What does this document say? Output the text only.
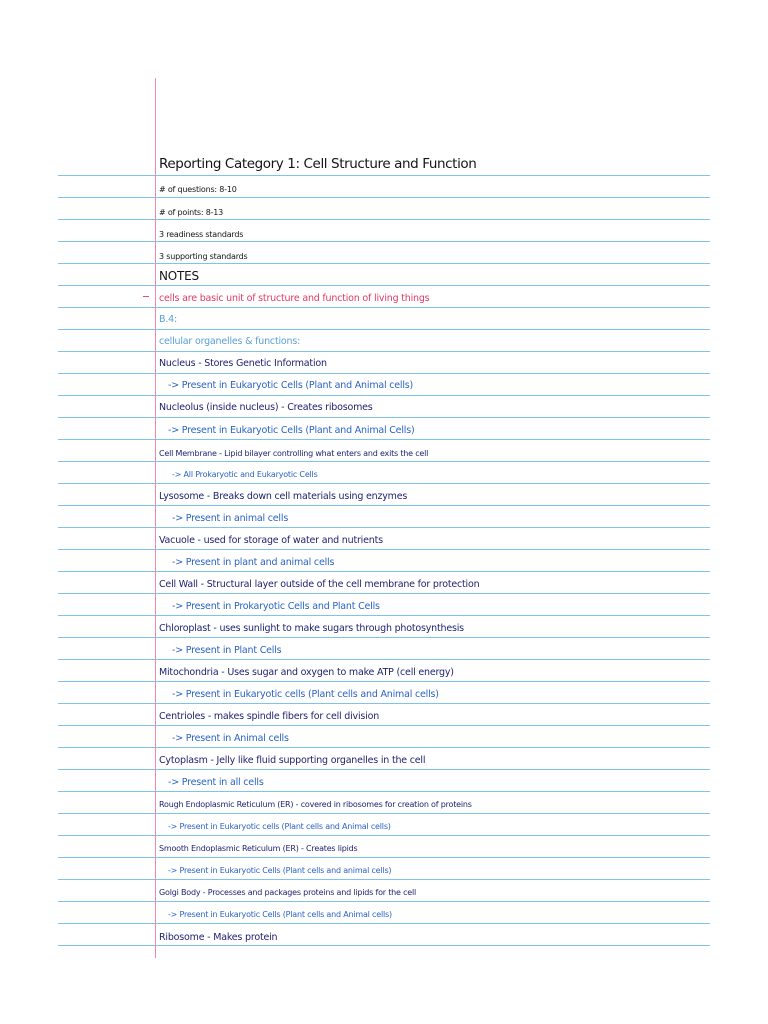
Reporting Category 1: Cell Structure and Function
# of questions: 8-10
# of points: 8-13
3 readiness standards
3 supporting standards
NOTES
cells are basic unit of structure and function of living things
B.4:
cellular organelles & functions:
Nucleus - Stores Genetic Information
-> Present in Eukaryotic Cells (Plant and Animal cells)
Nucleolus (inside nucleus) - Creates ribosomes
-> Present in Eukaryotic Cells (Plant and Animal Cells)
Cell Membrane - Lipid bilayer controlling what enters and exits the cell
-> All Prokaryotic and Eukaryotic Cells
Lysosome - Breaks down cell materials using enzymes
-> Present in animal cells
Vacuole - used for storage of water and nutrients
-> Present in plant and animal cells
Cell Wall - Structural layer outside of the cell membrane for protection
-> Present in Prokaryotic Cells and Plant Cells
Chloroplast - uses sunlight to make sugars through photosynthesis
-> Present in Plant Cells
Mitochondria - Uses sugar and oxygen to make ATP (cell energy)
-> Present in Eukaryotic cells (Plant cells and Animal cells)
Centrioles - makes spindle fibers for cell division
-> Present in Animal cells
Cytoplasm - Jelly like fluid supporting organelles in the cell
-> Present in all cells
Rough Endoplasmic Reticulum (ER) - covered in ribosomes for creation of proteins
-> Present in Eukaryotic cells (Plant cells and Animal cells)
Smooth Endoplasmic Reticulum (ER) - Creates lipids
-> Present in Eukaryotic Cells (Plant cells and animal cells)
Golgi Body - Processes and packages proteins and lipids for the cell
-> Present in Eukaryotic Cells (Plant cells and Animal cells)
Ribosome - Makes protein
